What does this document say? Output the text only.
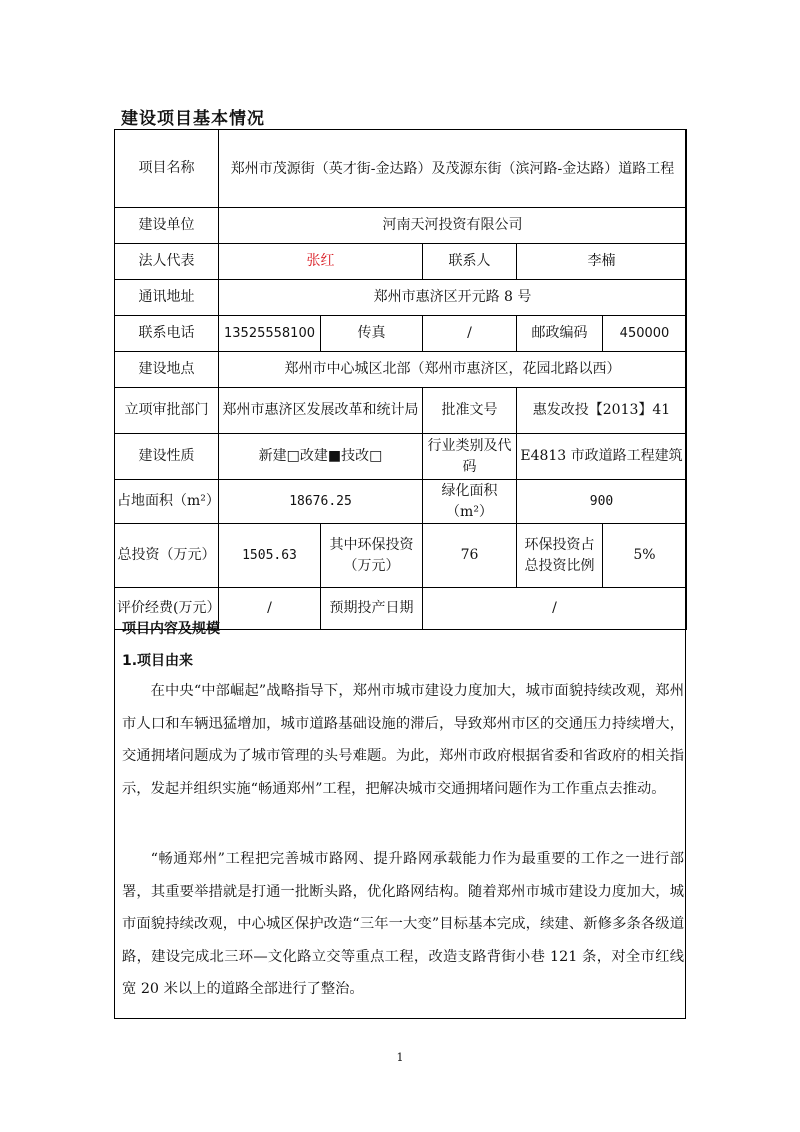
建设项目基本情况
项目名称	郑州市茂源街（英才街-金达路）及茂源东街（滨河路-金达路）道路工程				
建设单位	河南天河投资有限公司				
法人代表	张红		联系人	李楠	
通讯地址	郑州市惠济区开元路 8 号				
联系电话	13525558100	传真	/	邮政编码	450000
建设地点	郑州市中心城区北部（郑州市惠济区，花园北路以西）				
立项审批部门	郑州市惠济区发展改革和统计局		批准文号	惠发改投【2013】41	
建设性质	新建□改建■技改□		行业类别及代码	E4813 市政道路工程建筑	
占地面积（m²）	18676.25		绿化面积（m²）	900	
总投资（万元）	1505.63	其中环保投资（万元）	76	环保投资占总投资比例	5%
评价经费(万元）	/	预期投产日期	/		
项目内容及规模
1.项目由来
在中央“中部崛起”战略指导下，郑州市城市建设力度加大，城市面貌持续改观，郑州市人口和车辆迅猛增加，城市道路基础设施的滞后，导致郑州市区的交通压力持续增大，交通拥堵问题成为了城市管理的头号难题。为此，郑州市政府根据省委和省政府的相关指示，发起并组织实施“畅通郑州”工程，把解决城市交通拥堵问题作为工作重点去推动。
“畅通郑州”工程把完善城市路网、提升路网承载能力作为最重要的工作之一进行部署，其重要举措就是打通一批断头路，优化路网结构。随着郑州市城市建设力度加大，城市面貌持续改观，中心城区保护改造“三年一大变”目标基本完成，续建、新修多条各级道路，建设完成北三环—文化路立交等重点工程，改造支路背街小巷 121 条，对全市红线宽 20 米以上的道路全部进行了整治。
1
